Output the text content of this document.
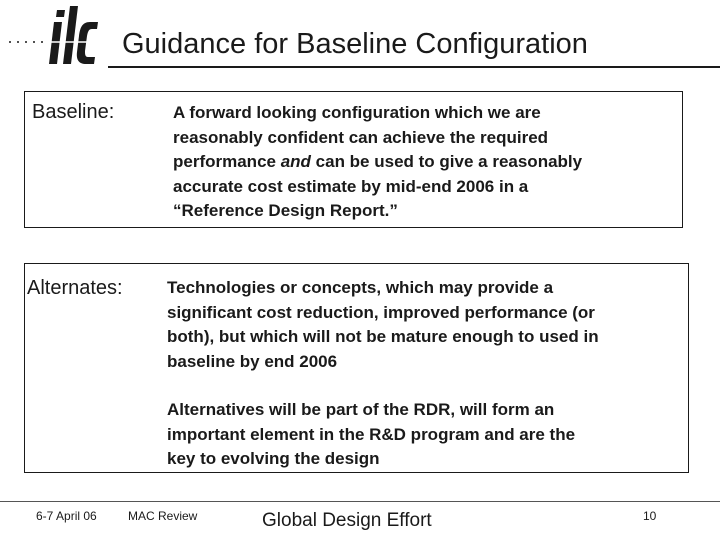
Guidance for Baseline Configuration
Baseline:	A forward looking configuration which we are
reasonably confident can achieve the required
performance and can be used to give a reasonably
accurate cost estimate by mid-end 2006 in a
“Reference Design Report.”
Alternates:	Technologies or concepts, which may provide a
significant cost reduction, improved performance (or
both), but which will not be mature enough to used in
baseline by end 2006
Alternatives will be part of the RDR, will form an
important element in the R&D program and are the
key to evolving the design
6-7 April 06	MAC Review	Global Design Effort	10
